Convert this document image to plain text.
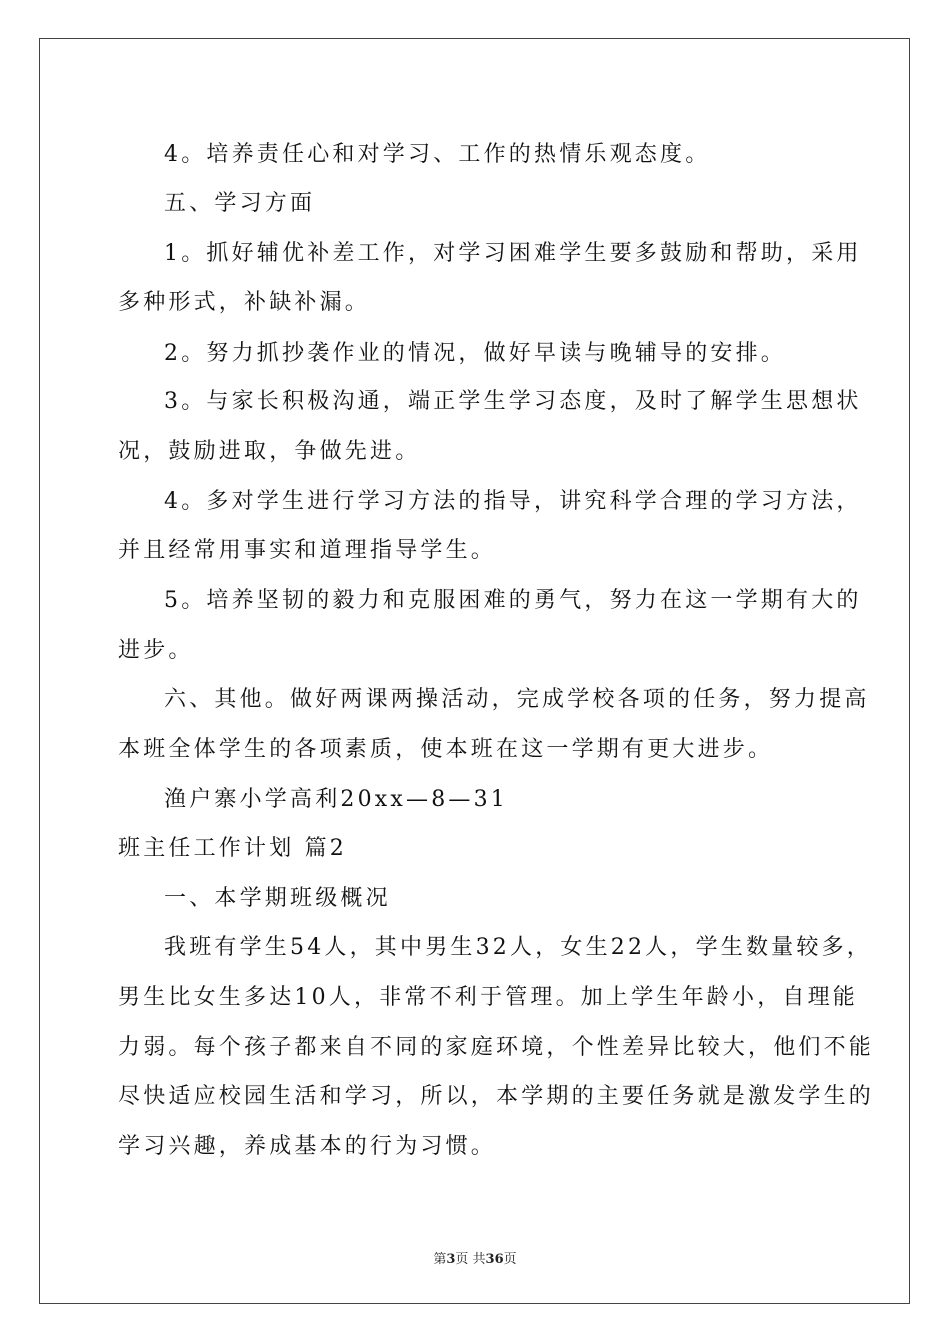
4。培养责任心和对学习、工作的热情乐观态度。
五、学习方面
1。抓好辅优补差工作，对学习困难学生要多鼓励和帮助，采用
多种形式，补缺补漏。
2。努力抓抄袭作业的情况，做好早读与晚辅导的安排。
3。与家长积极沟通，端正学生学习态度，及时了解学生思想状
况，鼓励进取，争做先进。
4。多对学生进行学习方法的指导，讲究科学合理的学习方法，
并且经常用事实和道理指导学生。
5。培养坚韧的毅力和克服困难的勇气，努力在这一学期有大的
进步。
六、其他。做好两课两操活动，完成学校各项的任务，努力提高
本班全体学生的各项素质，使本班在这一学期有更大进步。
渔户寨小学高利20xx—8—31
班主任工作计划 篇2
一、本学期班级概况
我班有学生54人，其中男生32人，女生22人，学生数量较多，
男生比女生多达10人，非常不利于管理。加上学生年龄小，自理能
力弱。每个孩子都来自不同的家庭环境，个性差异比较大，他们不能
尽快适应校园生活和学习，所以，本学期的主要任务就是激发学生的
学习兴趣，养成基本的行为习惯。
第3页 共36页
